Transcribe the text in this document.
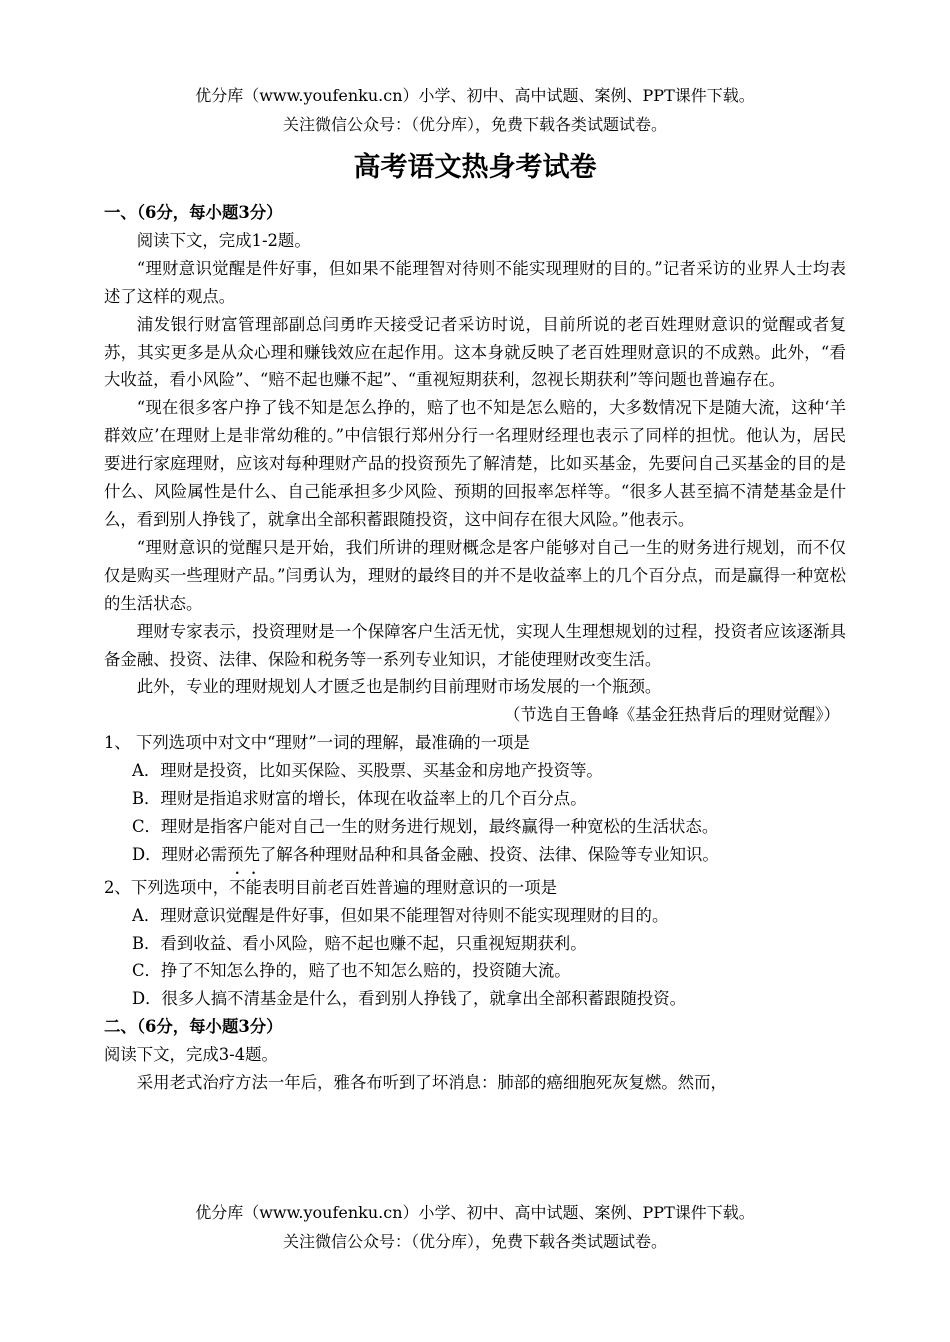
优分库（www.youfenku.cn）小学、初中、高中试题、案例、PPT课件下载。
关注微信公众号：（优分库），免费下载各类试题试卷。
高考语文热身考试卷

一、（6分，每小题3分）

阅读下文，完成1-2题。

“理财意识觉醒是件好事，但如果不能理智对待则不能实现理财的目的。”记者采访的业界人士均表述了这样的观点。

浦发银行财富管理部副总闫勇昨天接受记者采访时说，目前所说的老百姓理财意识的觉醒或者复苏，其实更多是从众心理和赚钱效应在起作用。这本身就反映了老百姓理财意识的不成熟。此外，“看大收益，看小风险”、“赔不起也赚不起”、“重视短期获利，忽视长期获利”等问题也普遍存在。

“现在很多客户挣了钱不知是怎么挣的，赔了也不知是怎么赔的，大多数情况下是随大流，这种‘羊群效应’在理财上是非常幼稚的。”中信银行郑州分行一名理财经理也表示了同样的担忧。他认为，居民要进行家庭理财，应该对每种理财产品的投资预先了解清楚，比如买基金，先要问自己买基金的目的是什么、风险属性是什么、自己能承担多少风险、预期的回报率怎样等。“很多人甚至搞不清楚基金是什么，看到别人挣钱了，就拿出全部积蓄跟随投资，这中间存在很大风险。”他表示。

“理财意识的觉醒只是开始，我们所讲的理财概念是客户能够对自己一生的财务进行规划，而不仅仅是购买一些理财产品。”闫勇认为，理财的最终目的并不是收益率上的几个百分点，而是赢得一种宽松的生活状态。

理财专家表示，投资理财是一个保障客户生活无忧，实现人生理想规划的过程，投资者应该逐渐具备金融、投资、法律、保险和税务等一系列专业知识，才能使理财改变生活。

此外，专业的理财规划人才匮乏也是制约目前理财市场发展的一个瓶颈。

（节选自王鲁峰《基金狂热背后的理财觉醒》）

1、 下列选项中对文中“理财”一词的理解，最准确的一项是

A．理财是投资，比如买保险、买股票、买基金和房地产投资等。

B．理财是指追求财富的增长，体现在收益率上的几个百分点。

C．理财是指客户能对自己一生的财务进行规划，最终赢得一种宽松的生活状态。

D．理财必需预先了解各种理财品种和具备金融、投资、法律、保险等专业知识。

2、下列选项中，不能表明目前老百姓普遍的理财意识的一项是

A．理财意识觉醒是件好事，但如果不能理智对待则不能实现理财的目的。

B．看到收益、看小风险，赔不起也赚不起，只重视短期获利。

C．挣了不知怎么挣的，赔了也不知怎么赔的，投资随大流。

D．很多人搞不清基金是什么，看到别人挣钱了，就拿出全部积蓄跟随投资。

二、（6分，每小题3分）

阅读下文，完成3-4题。

采用老式治疗方法一年后，雅各布听到了坏消息：肺部的癌细胞死灰复燃。然而，

优分库（www.youfenku.cn）小学、初中、高中试题、案例、PPT课件下载。
关注微信公众号：（优分库），免费下载各类试题试卷。
